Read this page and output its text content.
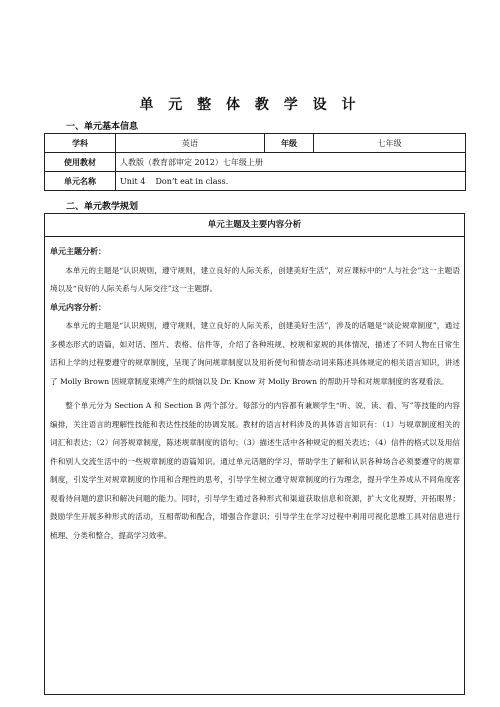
单 元 整 体 教 学 设 计
一、单元基本信息
学科	英语	年级	七年级
使用教材	人教版（教育部审定 2012）七年级上册		
单元名称	Unit 4    Don’t eat in class.		
二、单元教学规划
单元主题及主要内容分析
单元主题分析：

本单元的主题是“认识规则，遵守规则，建立良好的人际关系，创建美好生活”，对应课标中的“人与社会”这一主题语境以及“良好的人际关系与人际交往”这一主题群。

单元内容分析：

本单元的主题是“认识规则，遵守规则，建立良好的人际关系，创建美好生活”，涉及的话题是“谈论规章制度”，通过多模态形式的语篇，如对话、图片、表格、信件等，介绍了各种班规、校规和家规的具体情况，描述了不同人物在日常生活和上学的过程要遵守的规章制度，呈现了询问规章制度以及用祈使句和情态动词来陈述具体规定的相关语言知识，讲述了 Molly Brown 因规章制度束缚产生的烦恼以及 Dr. Know 对 Molly Brown 的帮助开导和对规章制度的客观看法。

整个单元分为 Section A 和 Section B 两个部分。每部分的内容都有兼顾学生“听、说、读、看、写”等技能的内容编排，关注语言的理解性技能和表达性技能的协调发展。教材的语言材料涉及的具体语言知识有：（1）与规章制度相关的词汇和表达；（2）问答规章制度，陈述规章制度的语句；（3）描述生活中各种规定的相关表达；（4）信件的格式以及用信件和别人交流生活中的一些规章制度的语篇知识。通过单元话题的学习，帮助学生了解和认识各种场合必须要遵守的规章制度，引发学生对规章制度的作用和合理性的思考，引导学生树立遵守规章制度的行为理念，提升学生养成从不同角度客观看待问题的意识和解决问题的能力。同时，引导学生通过各种形式和渠道获取信息和资源，扩大文化视野，开拓眼界；鼓励学生开展多种形式的活动，互相帮助和配合，增强合作意识；引导学生在学习过程中利用可视化思维工具对信息进行梳理、分类和整合，提高学习效率。
